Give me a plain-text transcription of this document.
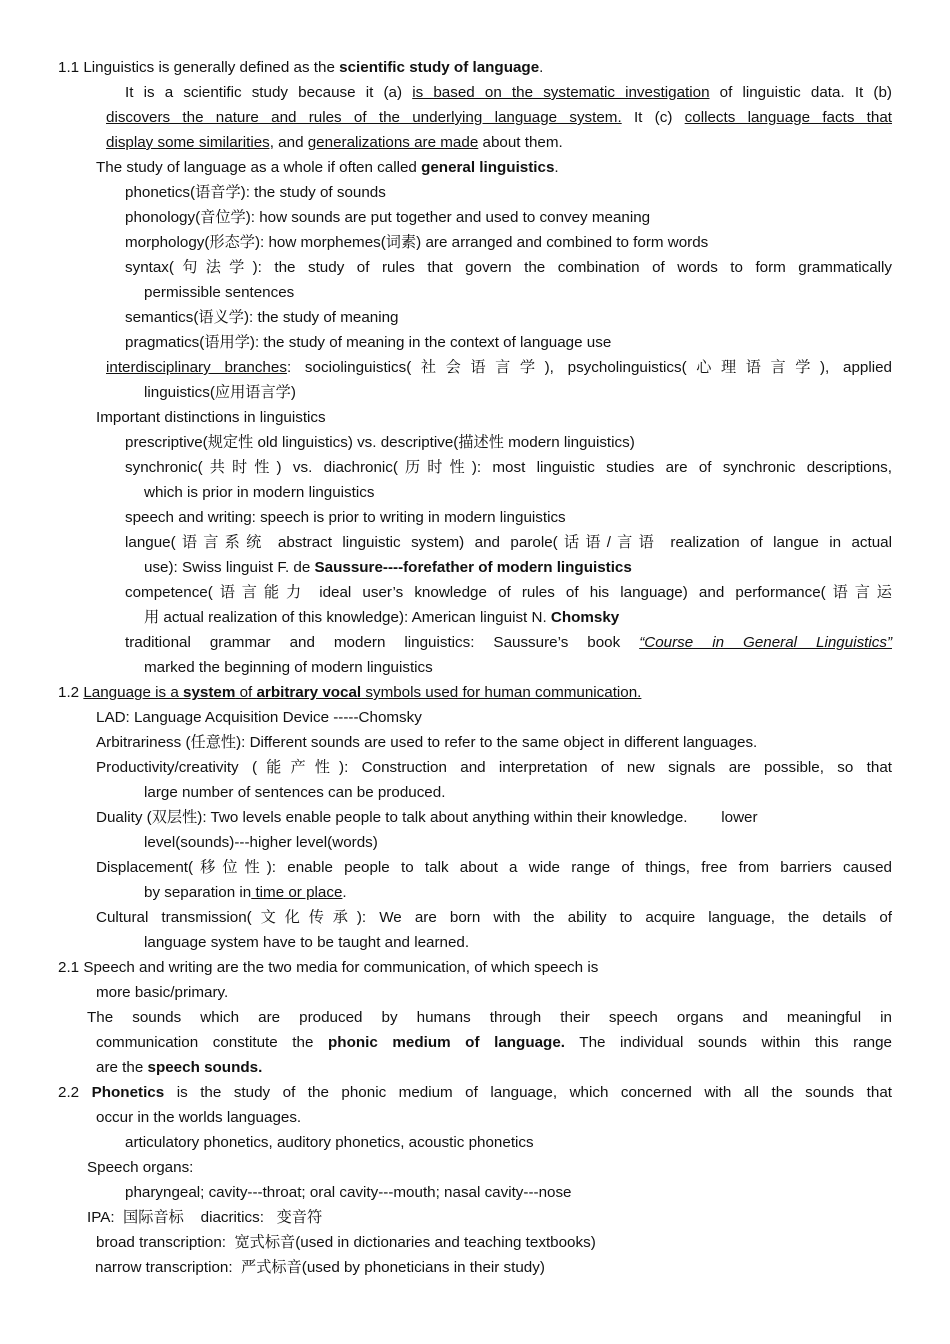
1.1 Linguistics is generally defined as the scientific study of language.
It is a scientific study because it (a) is based on the systematic investigation of linguistic data. It (b)
discovers the nature and rules of the underlying language system. It (c) collects language facts that
display some similarities, and generalizations are made about them.
The study of language as a whole if often called general linguistics.
phonetics(语音学): the study of sounds
phonology(音位学): how sounds are put together and used to convey meaning
morphology(形态学): how morphemes(词素) are arranged and combined to form words
syntax(句法学): the study of rules that govern the combination of words to form grammatically
permissible sentences
semantics(语义学): the study of meaning
pragmatics(语用学): the study of meaning in the context of language use
interdisciplinary branches: sociolinguistics(社会语言学), psycholinguistics(心理语言学), applied
linguistics(应用语言学)
Important distinctions in linguistics
prescriptive(规定性 old linguistics) vs. descriptive(描述性 modern linguistics)
synchronic(共时性) vs. diachronic(历时性): most linguistic studies are of synchronic descriptions,
which is prior in modern linguistics
speech and writing: speech is prior to writing in modern linguistics
langue(语言系统 abstract linguistic system) and parole(话语/言语 realization of langue in actual
use): Swiss linguist F. de Saussure----forefather of modern linguistics
competence(语言能力 ideal user’s knowledge of rules of his language) and performance(语言运
用 actual realization of this knowledge): American linguist N. Chomsky
traditional grammar and modern linguistics: Saussure’s book “Course in General Linguistics”
marked the beginning of modern linguistics
1.2 Language is a system of arbitrary vocal symbols used for human communication.
LAD: Language Acquisition Device -----Chomsky
Arbitrariness (任意性): Different sounds are used to refer to the same object in different languages.
Productivity/creativity (能产性): Construction and interpretation of new signals are possible, so that
large number of sentences can be produced.
Duality (双层性): Two levels enable people to talk about anything within their knowledge.        lower
level(sounds)---higher level(words)
Displacement(移位性): enable people to talk about a wide range of things, free from barriers caused
by separation in time or place.
Cultural transmission(文化传承): We are born with the ability to acquire language, the details of
language system have to be taught and learned.
2.1 Speech and writing are the two media for communication, of which speech is
more basic/primary.
The sounds which are produced by humans through their speech organs and meaningful in
communication constitute the phonic medium of language. The individual sounds within this range
are the speech sounds.
2.2 Phonetics is the study of the phonic medium of language, which concerned with all the sounds that
occur in the worlds languages.
articulatory phonetics, auditory phonetics, acoustic phonetics
Speech organs:
pharyngeal; cavity---throat; oral cavity---mouth; nasal cavity---nose
IPA:  国际音标    diacritics:   变音符
broad transcription:  宽式标音(used in dictionaries and teaching textbooks)
narrow transcription:  严式标音(used by phoneticians in their study)
